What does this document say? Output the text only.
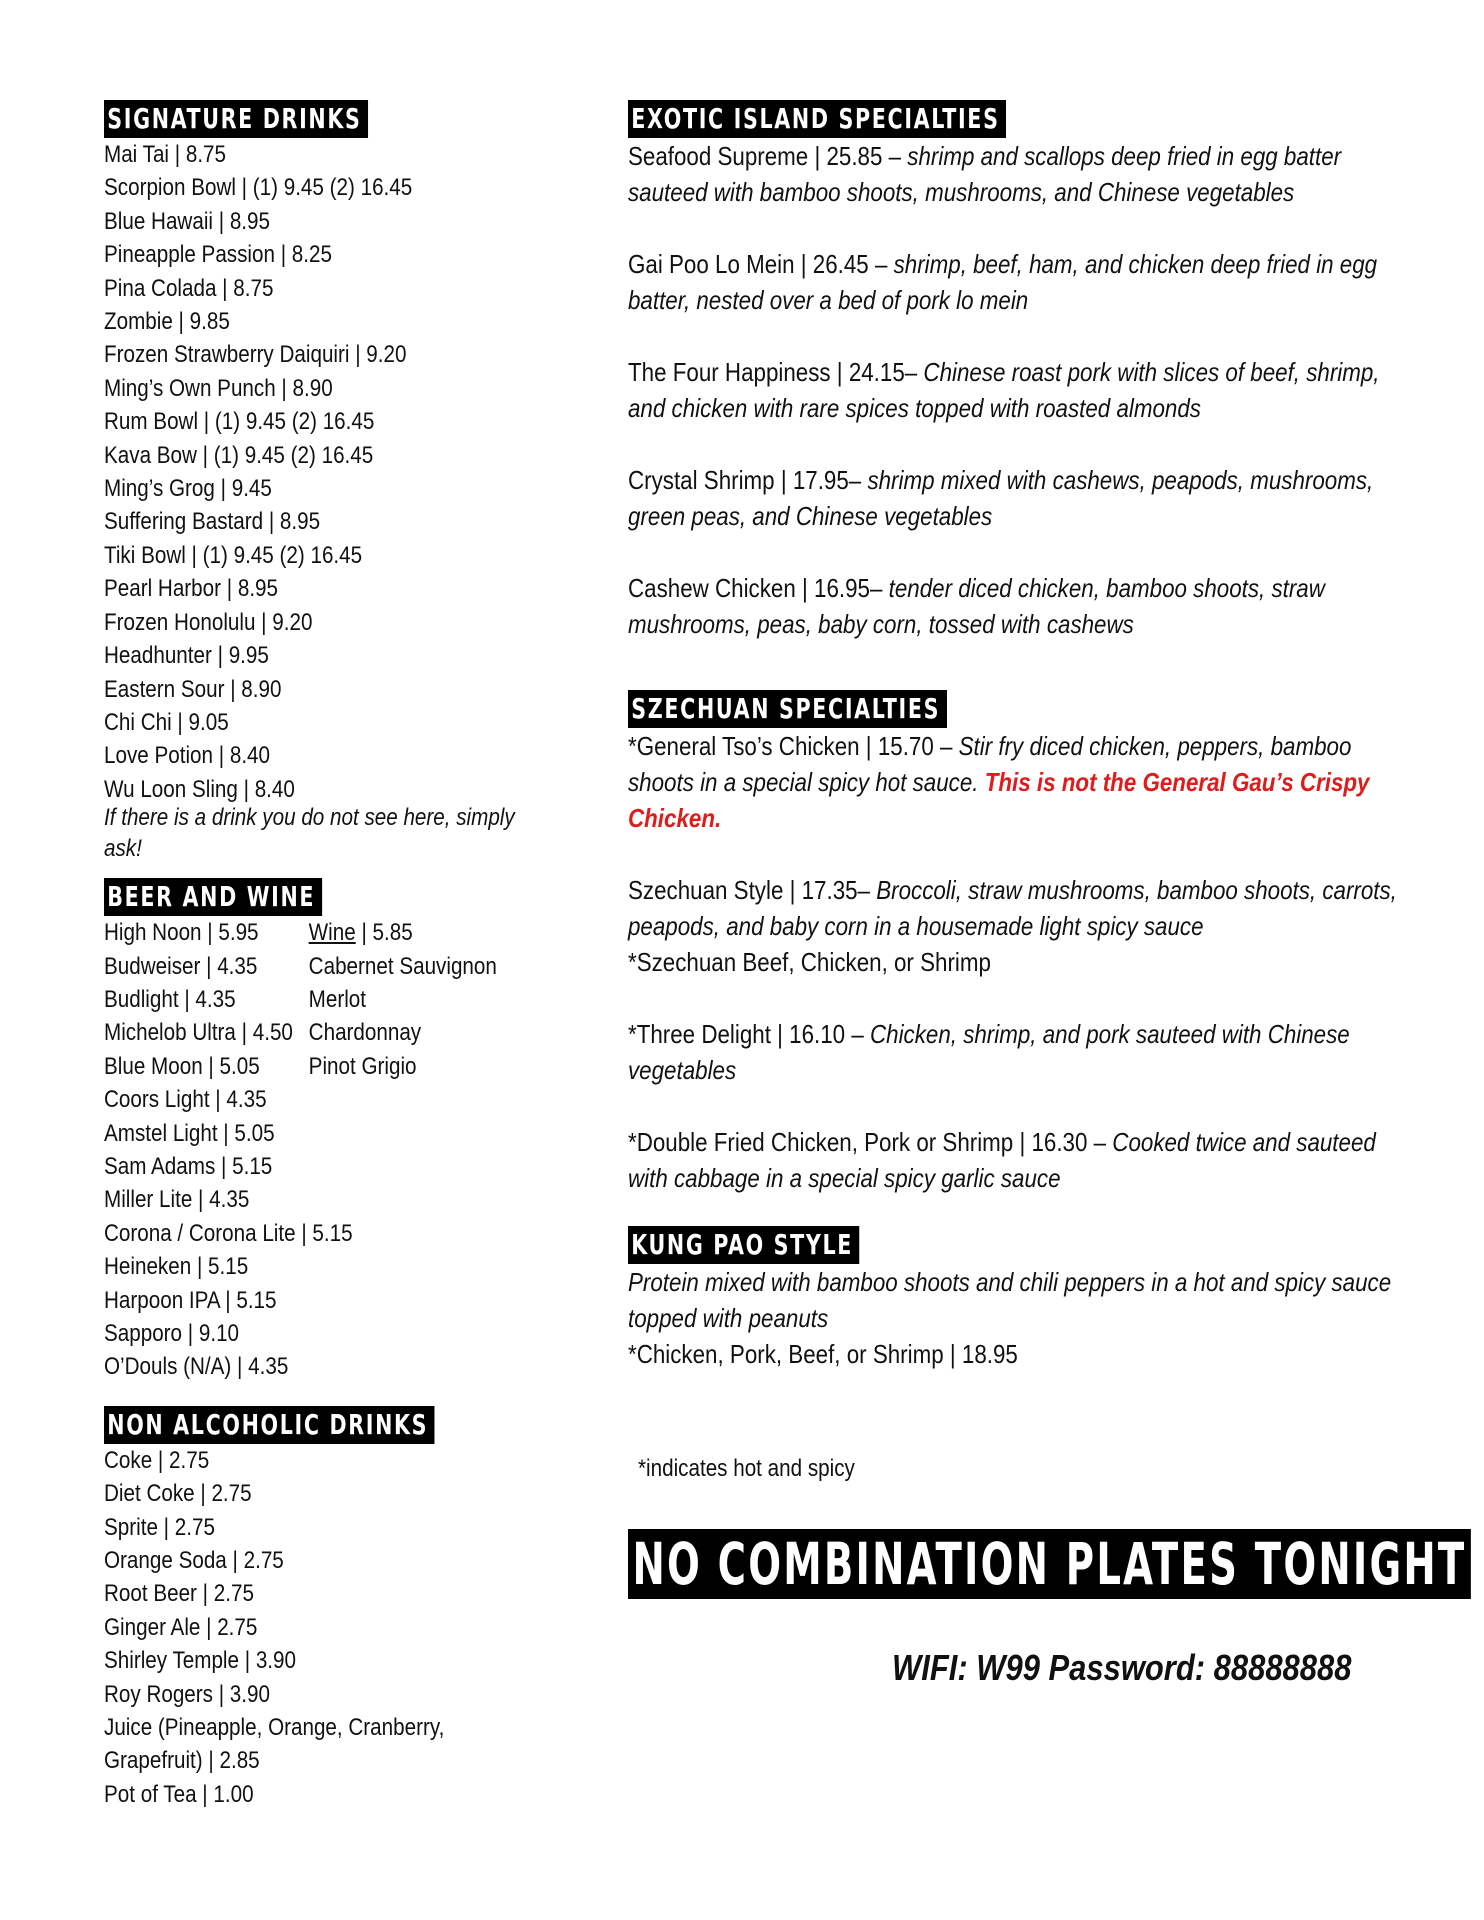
SIGNATURE DRINKS
Mai Tai | 8.75
Scorpion Bowl | (1) 9.45 (2) 16.45
Blue Hawaii | 8.95
Pineapple Passion | 8.25
Pina Colada | 8.75
Zombie | 9.85
Frozen Strawberry Daiquiri | 9.20
Ming’s Own Punch | 8.90
Rum Bowl | (1) 9.45 (2) 16.45
Kava Bow | (1) 9.45 (2) 16.45
Ming’s Grog | 9.45
Suffering Bastard | 8.95
Tiki Bowl | (1) 9.45 (2) 16.45
Pearl Harbor | 8.95
Frozen Honolulu | 9.20
Headhunter | 9.95
Eastern Sour | 8.90
Chi Chi | 9.05
Love Potion | 8.40
Wu Loon Sling | 8.40
If there is a drink you do not see here, simply ask!
BEER AND WINE
High Noon | 5.95
Budweiser | 4.35
Budlight | 4.35
Michelob Ultra | 4.50
Blue Moon | 5.05
Wine | 5.85
Cabernet Sauvignon
Merlot
Chardonnay
Pinot Grigio
Coors Light | 4.35
Amstel Light | 5.05
Sam Adams | 5.15
Miller Lite | 4.35
Corona / Corona Lite | 5.15
Heineken | 5.15
Harpoon IPA | 5.15
Sapporo | 9.10
O’Douls (N/A) | 4.35
NON ALCOHOLIC DRINKS
Coke | 2.75
Diet Coke | 2.75
Sprite | 2.75
Orange Soda | 2.75
Root Beer | 2.75
Ginger Ale | 2.75
Shirley Temple | 3.90
Roy Rogers | 3.90
Juice (Pineapple, Orange, Cranberry,
Grapefruit) | 2.85
Pot of Tea | 1.00
EXOTIC ISLAND SPECIALTIES
Seafood Supreme | 25.85 – shrimp and scallops deep fried in egg batter sauteed with bamboo shoots, mushrooms, and Chinese vegetables
Gai Poo Lo Mein | 26.45 – shrimp, beef, ham, and chicken deep fried in egg batter, nested over a bed of pork lo mein
The Four Happiness | 24.15– Chinese roast pork with slices of beef, shrimp, and chicken with rare spices topped with roasted almonds
Crystal Shrimp | 17.95– shrimp mixed with cashews, peapods, mushrooms, green peas, and Chinese vegetables
Cashew Chicken | 16.95– tender diced chicken, bamboo shoots, straw mushrooms, peas, baby corn, tossed with cashews
SZECHUAN SPECIALTIES
*General Tso’s Chicken | 15.70 – Stir fry diced chicken, peppers, bamboo shoots in a special spicy hot sauce. This is not the General Gau’s Crispy Chicken.
Szechuan Style | 17.35– Broccoli, straw mushrooms, bamboo shoots, carrots, peapods, and baby corn in a housemade light spicy sauce
*Szechuan Beef, Chicken, or Shrimp
*Three Delight | 16.10 – Chicken, shrimp, and pork sauteed with Chinese vegetables
*Double Fried Chicken, Pork or Shrimp | 16.30 – Cooked twice and sauteed with cabbage in a special spicy garlic sauce
KUNG PAO STYLE
Protein mixed with bamboo shoots and chili peppers in a hot and spicy sauce topped with peanuts
*Chicken, Pork, Beef, or Shrimp | 18.95
*indicates hot and spicy
NO COMBINATION PLATES TONIGHT
WIFI: W99 Password: 88888888
